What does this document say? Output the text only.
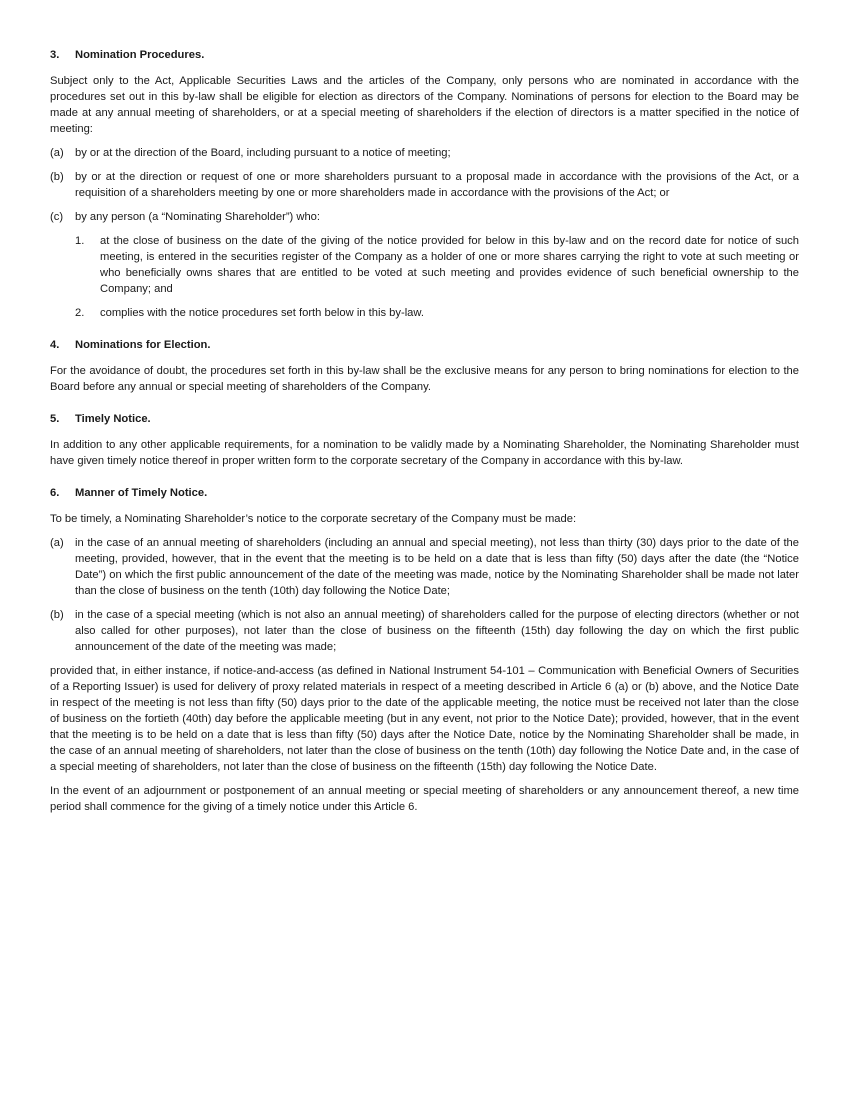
3.	Nomination Procedures.

Subject only to the Act, Applicable Securities Laws and the articles of the Company, only persons who are nominated in accordance with the procedures set out in this by-law shall be eligible for election as directors of the Company. Nominations of persons for election to the Board may be made at any annual meeting of shareholders, or at a special meeting of shareholders if the election of directors is a matter specified in the notice of meeting:

(a)	by or at the direction of the Board, including pursuant to a notice of meeting;
(b)	by or at the direction or request of one or more shareholders pursuant to a proposal made in accordance with the provisions of the Act, or a requisition of a shareholders meeting by one or more shareholders made in accordance with the provisions of the Act; or
(c)	by any person (a “Nominating Shareholder”) who:
1.	at the close of business on the date of the giving of the notice provided for below in this by-law and on the record date for notice of such meeting, is entered in the securities register of the Company as a holder of one or more shares carrying the right to vote at such meeting or who beneficially owns shares that are entitled to be voted at such meeting and provides evidence of such beneficial ownership to the Company; and
2.	complies with the notice procedures set forth below in this by-law.
4.	Nominations for Election.

For the avoidance of doubt, the procedures set forth in this by-law shall be the exclusive means for any person to bring nominations for election to the Board before any annual or special meeting of shareholders of the Company.

5.	Timely Notice.

In addition to any other applicable requirements, for a nomination to be validly made by a Nominating Shareholder, the Nominating Shareholder must have given timely notice thereof in proper written form to the corporate secretary of the Company in accordance with this by-law.

6.	Manner of Timely Notice.

To be timely, a Nominating Shareholder’s notice to the corporate secretary of the Company must be made:

(a)	in the case of an annual meeting of shareholders (including an annual and special meeting), not less than thirty (30) days prior to the date of the meeting, provided, however, that in the event that the meeting is to be held on a date that is less than fifty (50) days after the date (the “Notice Date”) on which the first public announcement of the date of the meeting was made, notice by the Nominating Shareholder shall be made not later than the close of business on the tenth (10th) day following the Notice Date;
(b)	in the case of a special meeting (which is not also an annual meeting) of shareholders called for the purpose of electing directors (whether or not also called for other purposes), not later than the close of business on the fifteenth (15th) day following the day on which the first public announcement of the date of the meeting was made;

provided that, in either instance, if notice-and-access (as defined in National Instrument 54-101 – Communication with Beneficial Owners of Securities of a Reporting Issuer) is used for delivery of proxy related materials in respect of a meeting described in Article 6 (a) or (b) above, and the Notice Date in respect of the meeting is not less than fifty (50) days prior to the date of the applicable meeting, the notice must be received not later than the close of business on the fortieth (40th) day before the applicable meeting (but in any event, not prior to the Notice Date); provided, however, that in the event that the meeting is to be held on a date that is less than fifty (50) days after the Notice Date, notice by the Nominating Shareholder shall be made, in the case of an annual meeting of shareholders, not later than the close of business on the tenth (10th) day following the Notice Date and, in the case of a special meeting of shareholders, not later than the close of business on the fifteenth (15th) day following the Notice Date.

In the event of an adjournment or postponement of an annual meeting or special meeting of shareholders or any announcement thereof, a new time period shall commence for the giving of a timely notice under this Article 6.
